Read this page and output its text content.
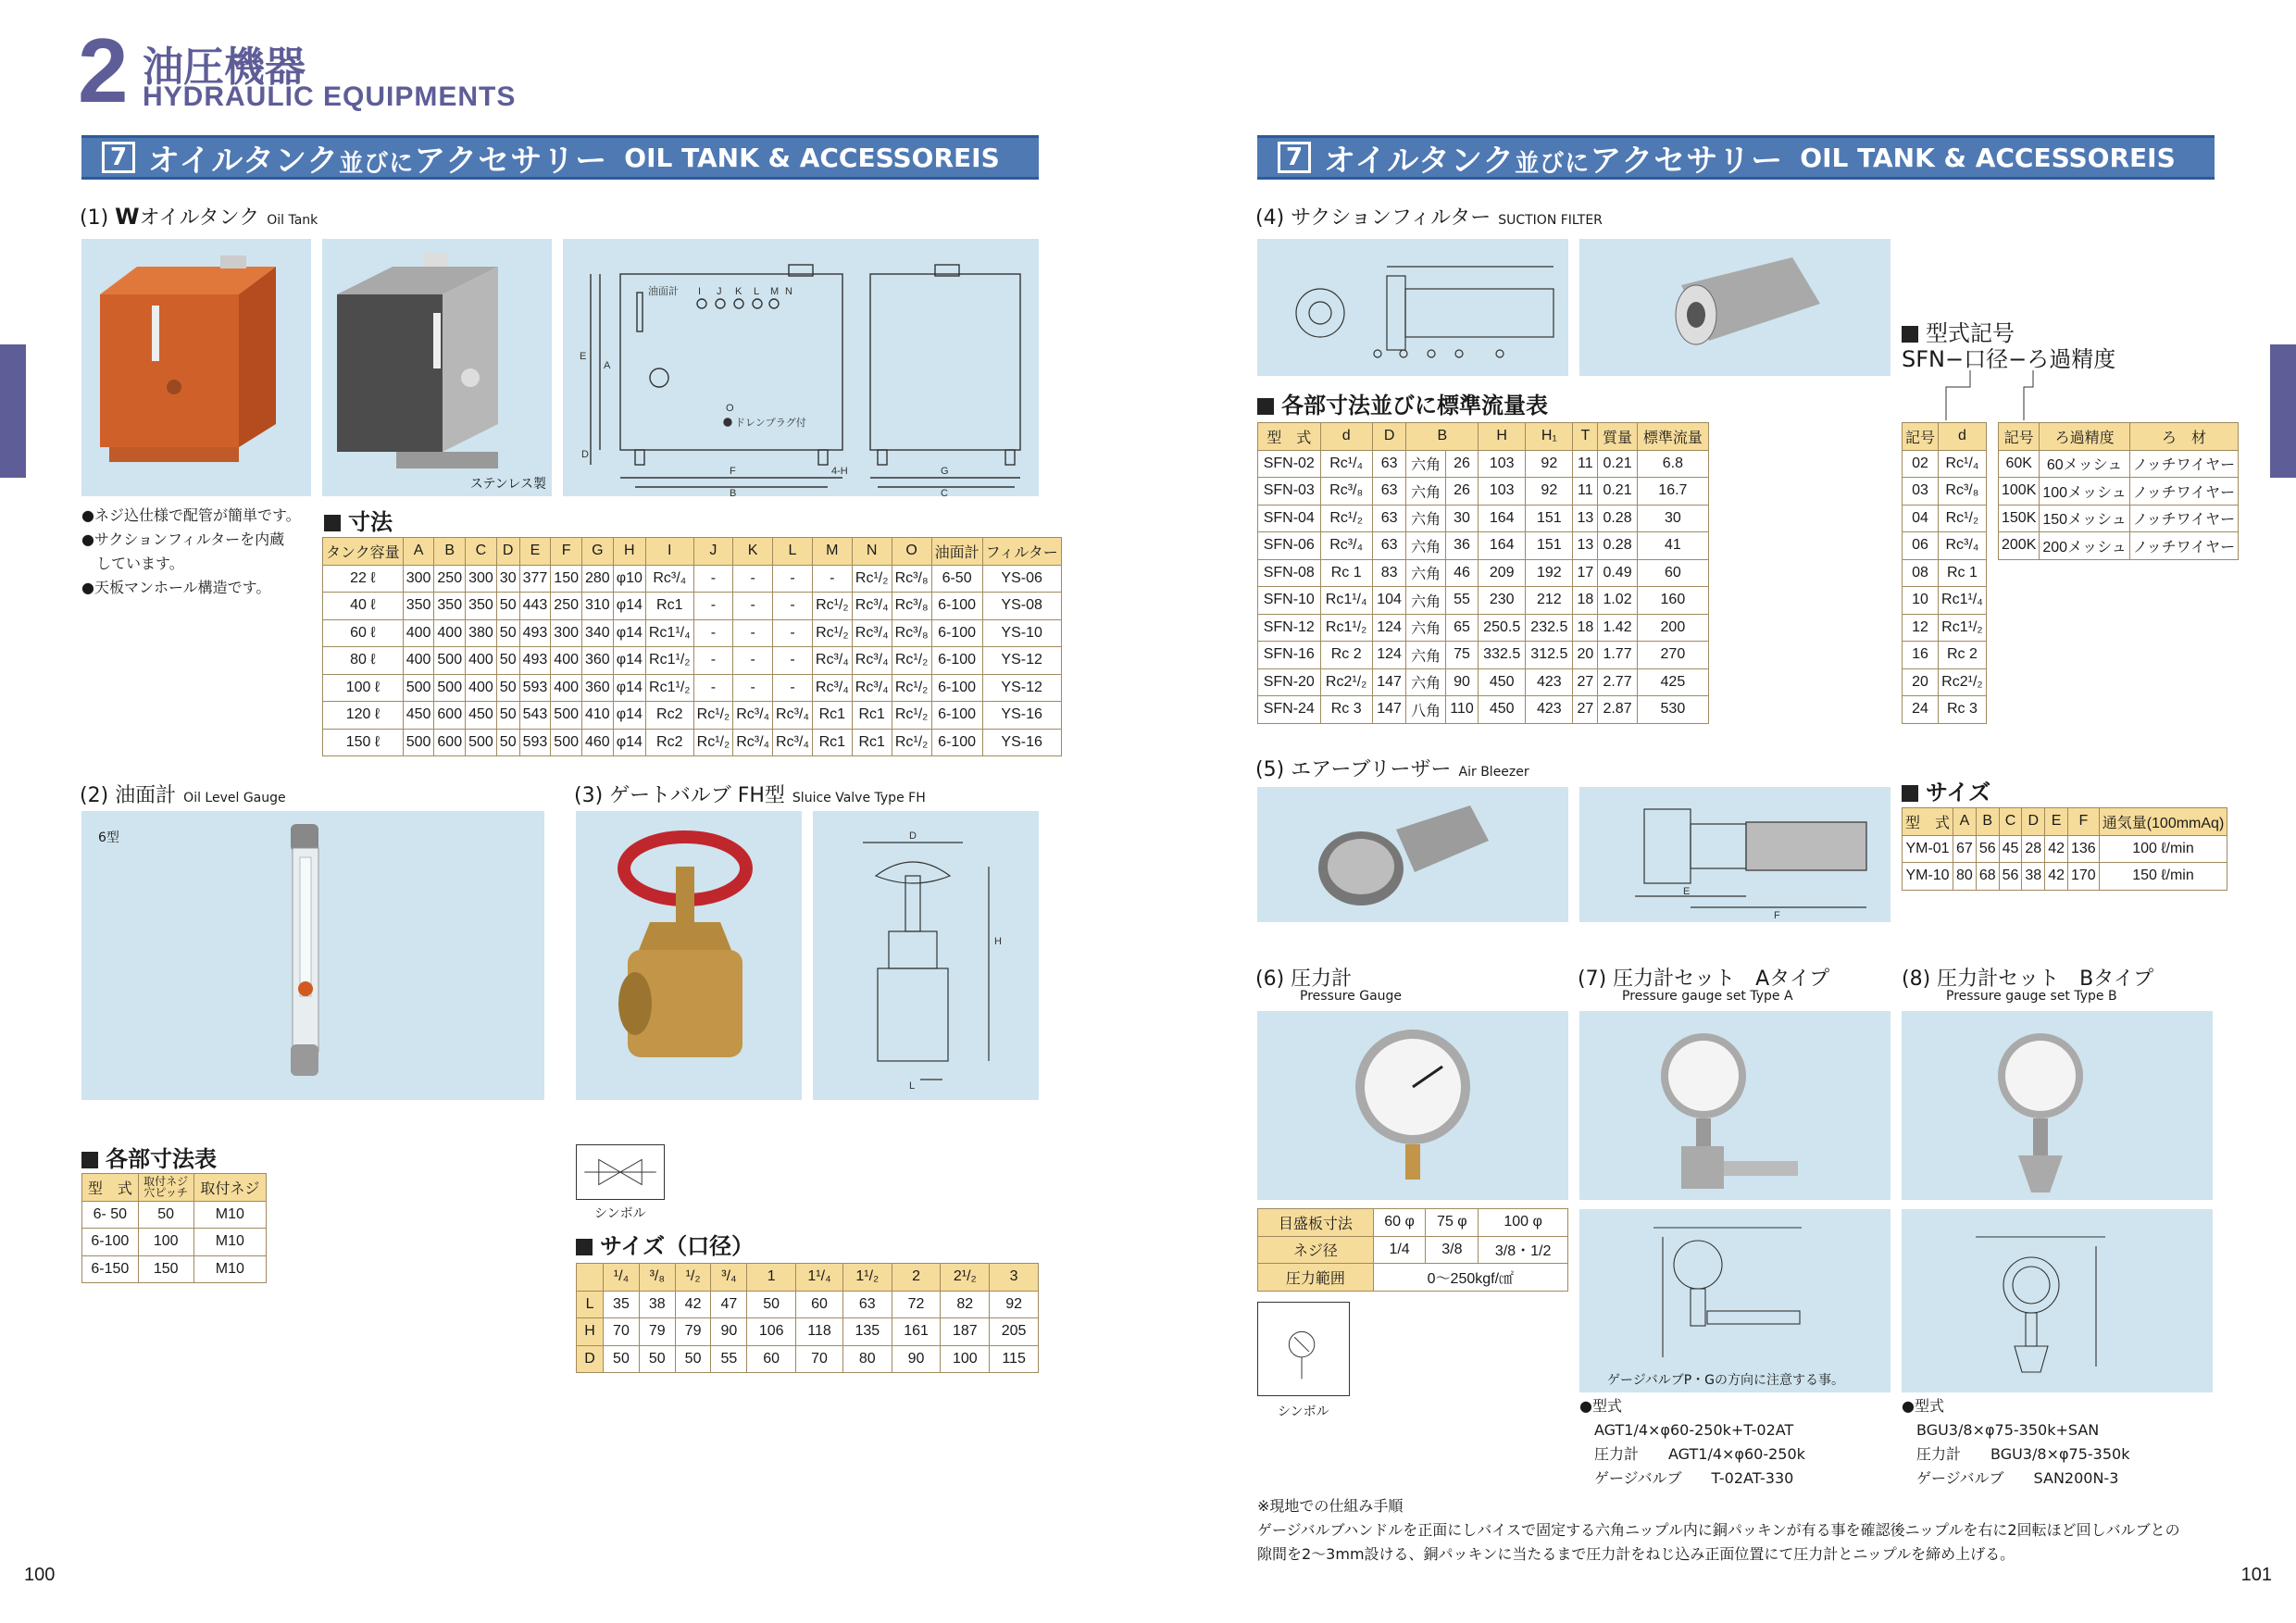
2 油圧機器
HYDRAULIC EQUIPMENTS
7 オイルタンク並びにアクセサリー OIL TANK & ACCESSOREIS	7 オイルタンク並びにアクセサリー OIL TANK & ACCESSOREIS
(1) Wオイルタンク Oil Tank
ステンレス製
油面計 I J K L M N
A
E
O
ドレンプラグ付
F
B
4-H
D
G
C
●ネジ込仕様で配管が簡単です。
●サクションフィルターを内蔵
　しています。
●天板マンホール構造です。
寸法
タンク容量	A	B	C	D	E	F	G	H	I	J	K	L	M	N	O	油面計	フィルター
22 ℓ	300	250	300	30	377	150	280	φ10	Rc³/₄	-	-	-	-	Rc¹/₂	Rc³/₈	6-50	YS-06
40 ℓ	350	350	350	50	443	250	310	φ14	Rc1	-	-	-	Rc¹/₂	Rc³/₄	Rc³/₈	6-100	YS-08
60 ℓ	400	400	380	50	493	300	340	φ14	Rc1¹/₄	-	-	-	Rc¹/₂	Rc³/₄	Rc³/₈	6-100	YS-10
80 ℓ	400	500	400	50	493	400	360	φ14	Rc1¹/₂	-	-	-	Rc³/₄	Rc³/₄	Rc¹/₂	6-100	YS-12
100 ℓ	500	500	400	50	593	400	360	φ14	Rc1¹/₂	-	-	-	Rc³/₄	Rc³/₄	Rc¹/₂	6-100	YS-12
120 ℓ	450	600	450	50	543	500	410	φ14	Rc2	Rc¹/₂	Rc³/₄	Rc³/₄	Rc1	Rc1	Rc¹/₂	6-100	YS-16
150 ℓ	500	600	500	50	593	500	460	φ14	Rc2	Rc¹/₂	Rc³/₄	Rc³/₄	Rc1	Rc1	Rc¹/₂	6-100	YS-16
(2) 油面計 Oil Level Gauge
6型
各部寸法表
型　式	取付ネジ穴ピッチ	取付ネジ
6- 50	50	M10
6-100	100	M10
6-150	150	M10
(3) ゲートバルブ FH型 Sluice Valve Type FH
D
H
L
シンボル
サイズ（口径）
	¹/₄	³/₈	¹/₂	³/₄	1	1¹/₄	1¹/₂	2	2¹/₂	3
L	35	38	42	47	50	60	63	72	82	92
H	70	79	79	90	106	118	135	161	187	205
D	50	50	50	55	60	70	80	90	100	115
(4) サクションフィルター SUCTION FILTER
各部寸法並びに標準流量表
型　式	d	D	B		H	H₁	T	質量	標準流量
SFN-02	Rc¹/₄	63	六角	26	103	92	11	0.21	6.8
SFN-03	Rc³/₈	63	六角	26	103	92	11	0.21	16.7
SFN-04	Rc¹/₂	63	六角	30	164	151	13	0.28	30
SFN-06	Rc³/₄	63	六角	36	164	151	13	0.28	41
SFN-08	Rc 1	83	六角	46	209	192	17	0.49	60
SFN-10	Rc1¹/₄	104	六角	55	230	212	18	1.02	160
SFN-12	Rc1¹/₂	124	六角	65	250.5	232.5	18	1.42	200
SFN-16	Rc 2	124	六角	75	332.5	312.5	20	1.77	270
SFN-20	Rc2¹/₂	147	六角	90	450	423	27	2.77	425
SFN-24	Rc 3	147	八角	110	450	423	27	2.87	530
型式記号
SFN−口径−ろ過精度
記号	d
02	Rc¹/₄
03	Rc³/₈
04	Rc¹/₂
06	Rc³/₄
08	Rc 1
10	Rc1¹/₄
12	Rc1¹/₂
16	Rc 2
20	Rc2¹/₂
24	Rc 3
記号	ろ過精度	ろ　材
60K	60メッシュ	ノッチワイヤー
100K	100メッシュ	ノッチワイヤー
150K	150メッシュ	ノッチワイヤー
200K	200メッシュ	ノッチワイヤー
(5) エアーブリーザー Air Bleezer
E
F
サイズ
型　式	A	B	C	D	E	F	通気量(100mmAq)
YM-01	67	56	45	28	42	136	100 ℓ/min
YM-10	80	68	56	38	42	170	150 ℓ/min
(6) 圧力計
Pressure Gauge
目盛板寸法	60 φ	75 φ	100 φ
ネジ径	1/4	3/8	3/8・1/2
圧力範囲	0〜250kgf/㎠		
シンボル
(7) 圧力計セット　Aタイプ
Pressure gauge set Type A
ゲージバルブP・Gの方向に注意する事。
●型式
AGT1/4×φ60-250k+T-02AT
圧力計　　AGT1/4×φ60-250k
ゲージバルブ　　T-02AT-330
(8) 圧力計セット　Bタイプ
Pressure gauge set Type B
●型式
BGU3/8×φ75-350k+SAN
圧力計　　BGU3/8×φ75-350k
ゲージバルブ　　SAN200N-3
※現地での仕組み手順
ゲージバルブハンドルを正面にしバイスで固定する六角ニップル内に銅パッキンが有る事を確認後ニップルを右に2回転ほど回しバルブとの
隙間を2〜3mm設ける、銅パッキンに当たるまで圧力計をねじ込み正面位置にて圧力計とニップルを締め上げる。
100	101
